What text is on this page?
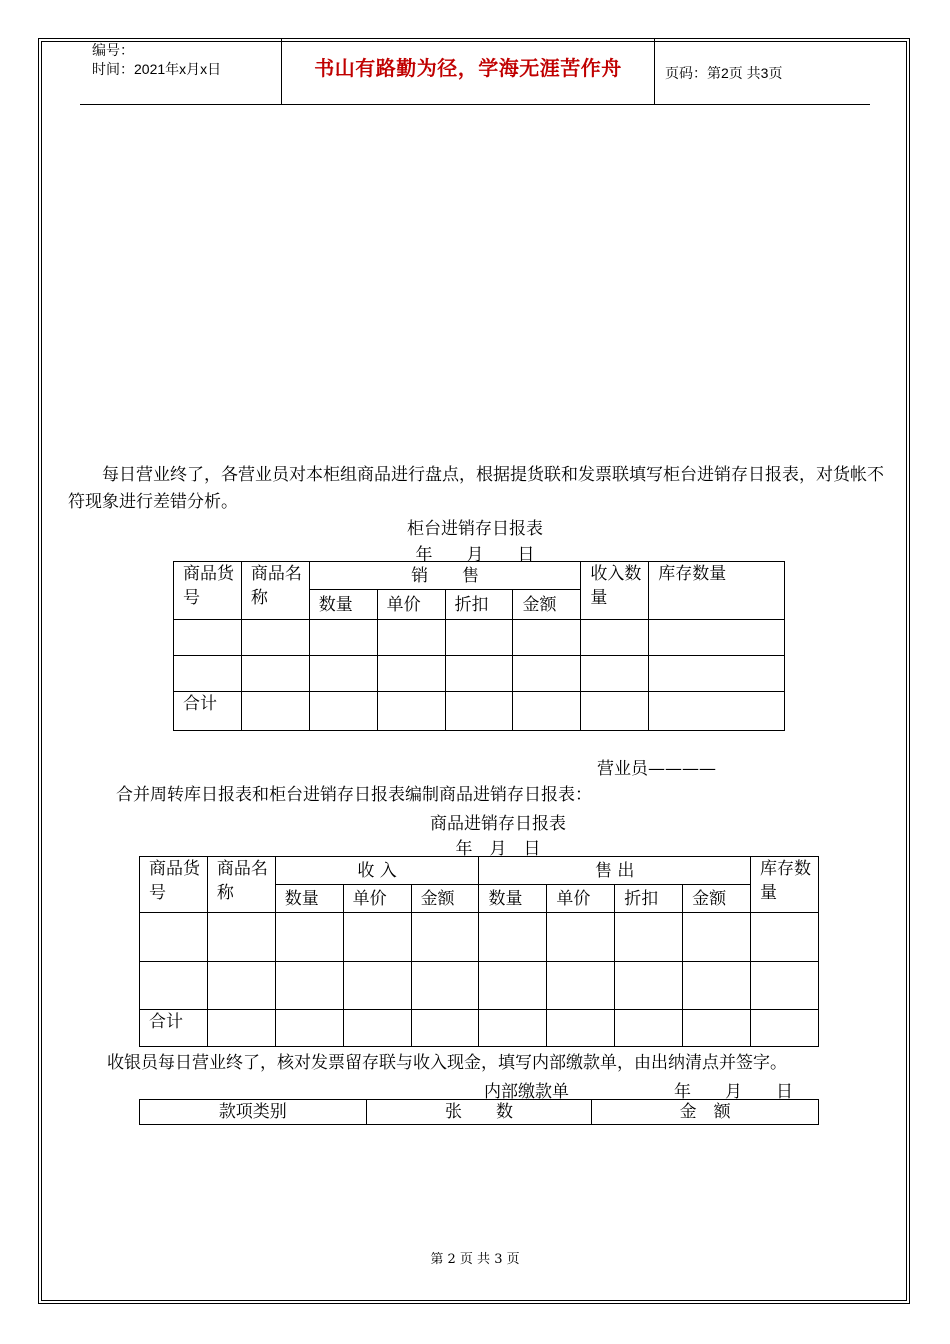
编号：
时间：2021年x月x日	书山有路勤为径，学海无涯苦作舟	页码：第2页 共3页
每日营业终了，各营业员对本柜组商品进行盘点，根据提货联和发票联填写柜台进销存日报表，对货帐不符现象进行差错分析。
柜台进销存日报表
年　　月　　日
商品货号	商品名称	销　　售				收入数量	库存数量
		数量	单价	折扣	金额		

合计							
营业员————
合并周转库日报表和柜台进销存日报表编制商品进销存日报表：
商品进销存日报表
年　月　日
商品货号	商品名称	收 入			售 出				库存数量
		数量	单价	金额	数量	单价	折扣	金额	

合计									
收银员每日营业终了，核对发票留存联与收入现金，填写内部缴款单，由出纳清点并签字。
内部缴款单	年　　月　　日
款项类别	张　　数	金　额
第 2 页 共 3 页
